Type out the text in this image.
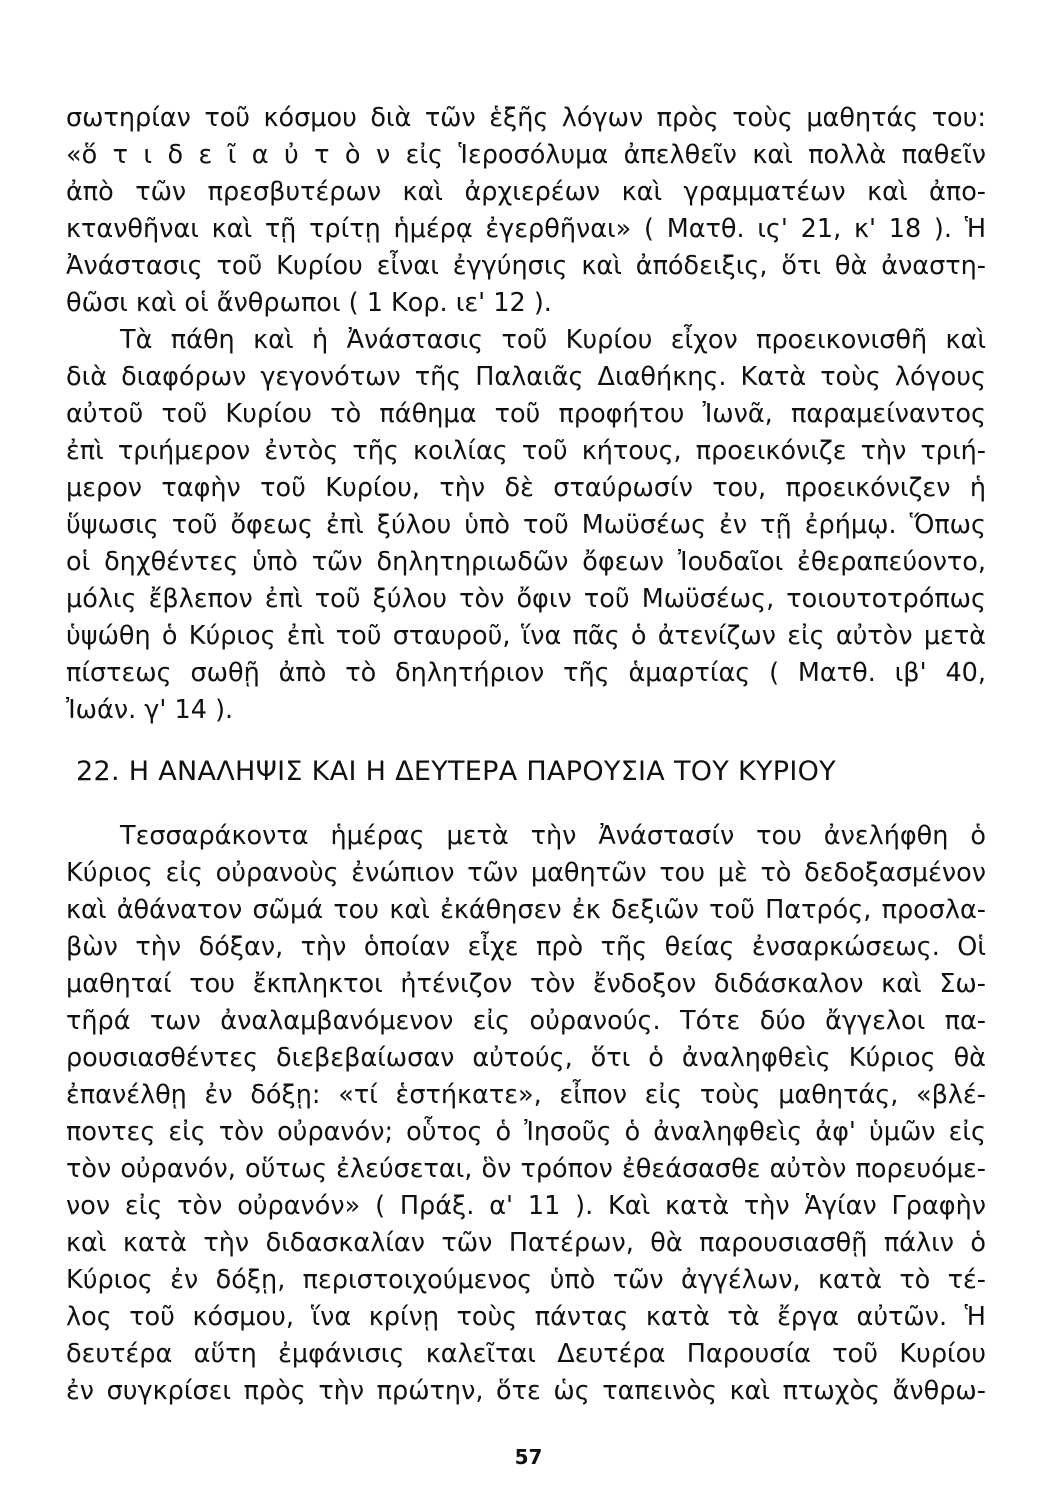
σωτηρίαν τοῦ κόσμου διὰ τῶν ἑξῆς λόγων πρὸς τοὺς μαθητάς του:
«ὅ τ ι δ ε ῖ α ὐ τ ὸ ν εἰς Ἱεροσόλυμα ἀπελθεῖν καὶ πολλὰ παθεῖν
ἀπὸ τῶν πρεσβυτέρων καὶ ἀρχιερέων καὶ γραμματέων καὶ ἀπο-
κτανθῆναι καὶ τῇ τρίτῃ ἡμέρᾳ ἐγερθῆναι» ( Ματθ. ις' 21, κ' 18 ). Ἡ
Ἀνάστασις τοῦ Κυρίου εἶναι ἐγγύησις καὶ ἀπόδειξις, ὅτι θὰ ἀναστη-
θῶσι καὶ οἱ ἄνθρωποι ( 1 Κορ. ιε' 12 ).
Τὰ πάθη καὶ ἡ Ἀνάστασις τοῦ Κυρίου εἶχον προεικονισθῆ καὶ
διὰ διαφόρων γεγονότων τῆς Παλαιᾶς Διαθήκης. Κατὰ τοὺς λόγους
αὐτοῦ τοῦ Κυρίου τὸ πάθημα τοῦ προφήτου Ἰωνᾶ, παραμείναντος
ἐπὶ τριήμερον ἐντὸς τῆς κοιλίας τοῦ κήτους, προεικόνιζε τὴν τριή-
μερον ταφὴν τοῦ Κυρίου, τὴν δὲ σταύρωσίν του, προεικόνιζεν ἡ
ὕψωσις τοῦ ὄφεως ἐπὶ ξύλου ὑπὸ τοῦ Μωϋσέως ἐν τῇ ἐρήμῳ. Ὅπως
οἱ δηχθέντες ὑπὸ τῶν δηλητηριωδῶν ὄφεων Ἰουδαῖοι ἐθεραπεύοντο,
μόλις ἔβλεπον ἐπὶ τοῦ ξύλου τὸν ὄφιν τοῦ Μωϋσέως, τοιουτοτρόπως
ὑψώθη ὁ Κύριος ἐπὶ τοῦ σταυροῦ, ἵνα πᾶς ὁ ἀτενίζων εἰς αὐτὸν μετὰ
πίστεως σωθῇ ἀπὸ τὸ δηλητήριον τῆς ἁμαρτίας ( Ματθ. ιβ' 40,
Ἰωάν. γ' 14 ).
22. Η ΑΝΑΛΗΨΙΣ ΚΑΙ Η ΔΕΥΤΕΡΑ ΠΑΡΟΥΣΙΑ ΤΟΥ ΚΥΡΙΟΥ
Τεσσαράκοντα ἡμέρας μετὰ τὴν Ἀνάστασίν του ἀνελήφθη ὁ
Κύριος εἰς οὐρανοὺς ἐνώπιον τῶν μαθητῶν του μὲ τὸ δεδοξασμένον
καὶ ἀθάνατον σῶμά του καὶ ἐκάθησεν ἐκ δεξιῶν τοῦ Πατρός, προσλα-
βὼν τὴν δόξαν, τὴν ὁποίαν εἶχε πρὸ τῆς θείας ἐνσαρκώσεως. Οἱ
μαθηταί του ἔκπληκτοι ἠτένιζον τὸν ἔνδοξον διδάσκαλον καὶ Σω-
τῆρά των ἀναλαμβανόμενον εἰς οὐρανούς. Τότε δύο ἄγγελοι πα-
ρουσιασθέντες διεβεβαίωσαν αὐτούς, ὅτι ὁ ἀναληφθεὶς Κύριος θὰ
ἐπανέλθῃ ἐν δόξῃ: «τί ἑστήκατε», εἶπον εἰς τοὺς μαθητάς, «βλέ-
ποντες εἰς τὸν οὐρανόν; οὗτος ὁ Ἰησοῦς ὁ ἀναληφθεὶς ἀφ' ὑμῶν εἰς
τὸν οὐρανόν, οὕτως ἐλεύσεται, ὃν τρόπον ἐθεάσασθε αὐτὸν πορευόμε-
νον εἰς τὸν οὐρανόν» ( Πράξ. α' 11 ). Καὶ κατὰ τὴν Ἁγίαν Γραφὴν
καὶ κατὰ τὴν διδασκαλίαν τῶν Πατέρων, θὰ παρουσιασθῇ πάλιν ὁ
Κύριος ἐν δόξῃ, περιστοιχούμενος ὑπὸ τῶν ἀγγέλων, κατὰ τὸ τέ-
λος τοῦ κόσμου, ἵνα κρίνῃ τοὺς πάντας κατὰ τὰ ἔργα αὐτῶν. Ἡ
δευτέρα αὕτη ἐμφάνισις καλεῖται Δευτέρα Παρουσία τοῦ Κυρίου
ἐν συγκρίσει πρὸς τὴν πρώτην, ὅτε ὡς ταπεινὸς καὶ πτωχὸς ἄνθρω-
57
